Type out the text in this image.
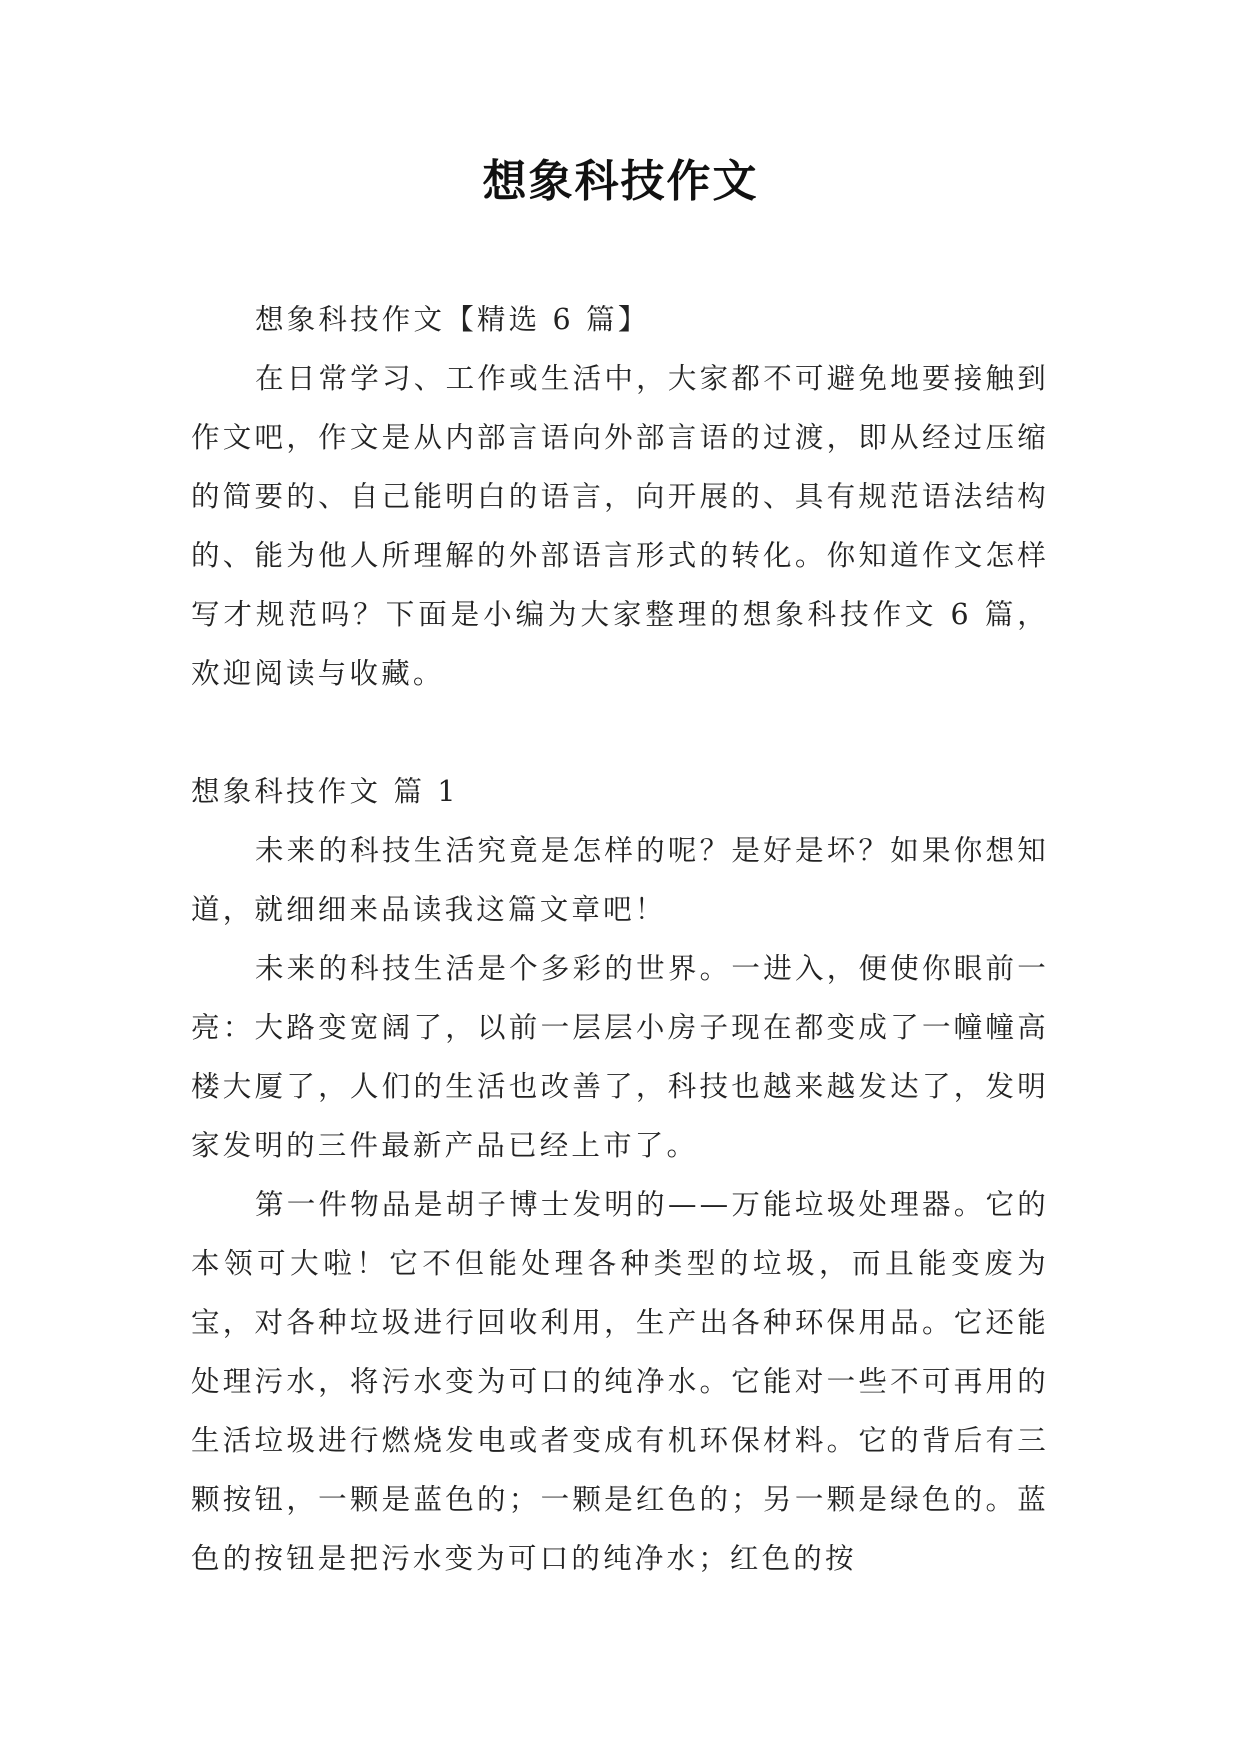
想象科技作文

想象科技作文【精选 6 篇】

在日常学习、工作或生活中，大家都不可避免地要接触到作文吧，作文是从内部言语向外部言语的过渡，即从经过压缩的简要的、自己能明白的语言，向开展的、具有规范语法结构的、能为他人所理解的外部语言形式的转化。你知道作文怎样写才规范吗？下面是小编为大家整理的想象科技作文 6 篇，欢迎阅读与收藏。

想象科技作文 篇 1

未来的科技生活究竟是怎样的呢？是好是坏？如果你想知道，就细细来品读我这篇文章吧！

未来的科技生活是个多彩的世界。一进入，便使你眼前一亮：大路变宽阔了，以前一层层小房子现在都变成了一幢幢高楼大厦了，人们的生活也改善了，科技也越来越发达了，发明家发明的三件最新产品已经上市了。

第一件物品是胡子博士发明的——万能垃圾处理器。它的本领可大啦！它不但能处理各种类型的垃圾，而且能变废为宝，对各种垃圾进行回收利用，生产出各种环保用品。它还能处理污水，将污水变为可口的纯净水。它能对一些不可再用的生活垃圾进行燃烧发电或者变成有机环保材料。它的背后有三颗按钮，一颗是蓝色的；一颗是红色的；另一颗是绿色的。蓝色的按钮是把污水变为可口的纯净水；红色的按
